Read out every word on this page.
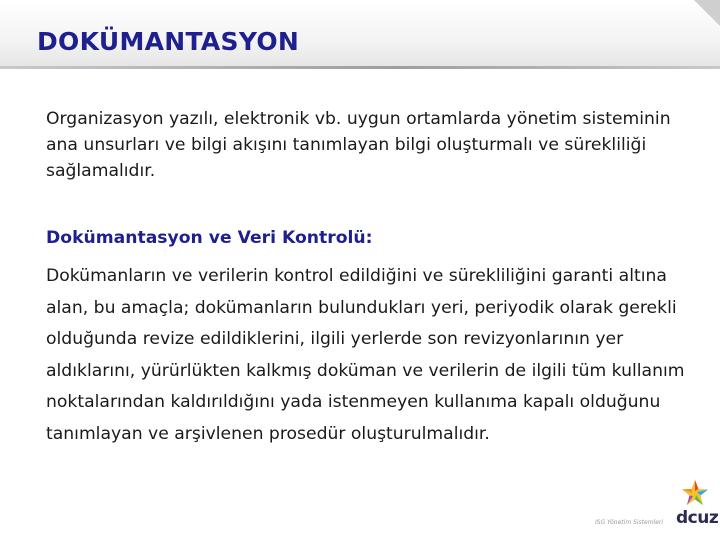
DOKÜMANTASYON
Organizasyon yazılı, elektronik vb. uygun ortamlarda yönetim sisteminin ana unsurları ve bilgi akışını tanımlayan bilgi oluşturmalı ve sürekliliği sağlamalıdır.
Dokümantasyon ve Veri Kontrolü:
Dokümanların ve verilerin kontrol edildiğini ve sürekliliğini garanti altına alan, bu amaçla; dokümanların bulundukları yeri, periyodik olarak gerekli olduğunda revize edildiklerini, ilgili yerlerde son revizyonlarının yer aldıklarını, yürürlükten kalkmış doküman ve verilerin de ilgili tüm kullanım noktalarından kaldırıldığını yada istenmeyen kullanıma kapalı olduğunu tanımlayan ve arşivlenen prosedür oluşturulmalıdır.
ISG Yönetim Sistemleri dcuz
